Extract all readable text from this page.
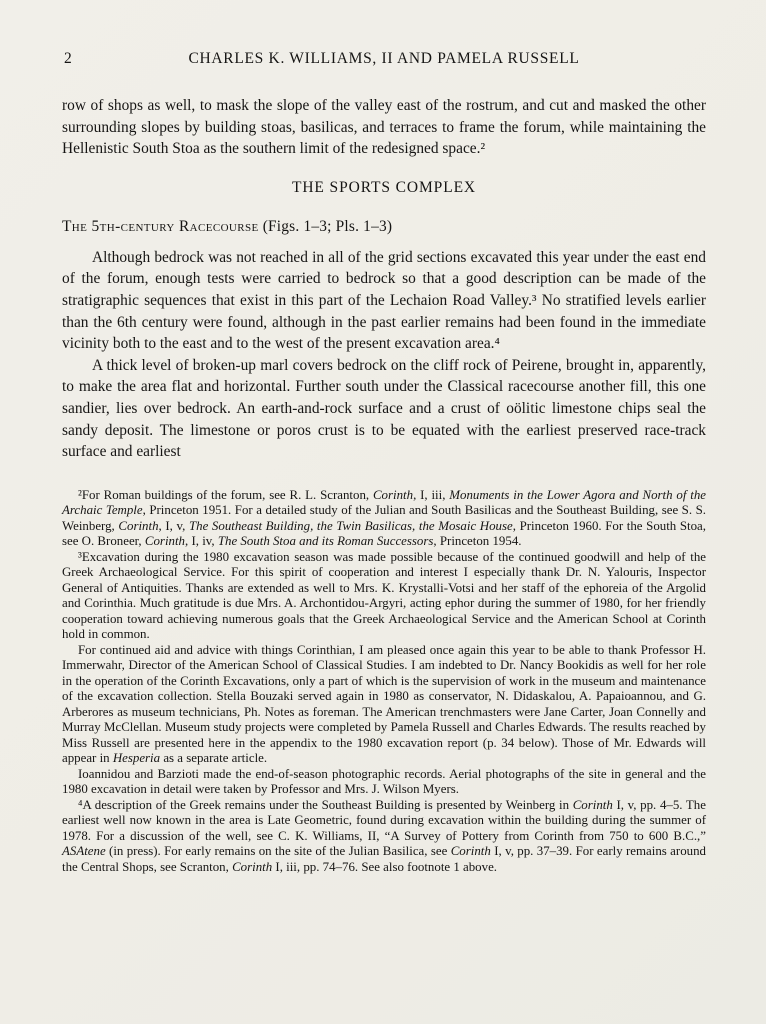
2	CHARLES K. WILLIAMS, II AND PAMELA RUSSELL

row of shops as well, to mask the slope of the valley east of the rostrum, and cut and masked the other surrounding slopes by building stoas, basilicas, and terraces to frame the forum, while maintaining the Hellenistic South Stoa as the southern limit of the redesigned space.²

THE SPORTS COMPLEX
The 5th-century Racecourse (Figs. 1–3; Pls. 1–3)

Although bedrock was not reached in all of the grid sections excavated this year under the east end of the forum, enough tests were carried to bedrock so that a good description can be made of the stratigraphic sequences that exist in this part of the Lechaion Road Valley.³ No stratified levels earlier than the 6th century were found, although in the past earlier remains had been found in the immediate vicinity both to the east and to the west of the present excavation area.⁴

A thick level of broken-up marl covers bedrock on the cliff rock of Peirene, brought in, apparently, to make the area flat and horizontal. Further south under the Classical racecourse another fill, this one sandier, lies over bedrock. An earth-and-rock surface and a crust of oölitic limestone chips seal the sandy deposit. The limestone or poros crust is to be equated with the earliest preserved race-track surface and earliest

²For Roman buildings of the forum, see R. L. Scranton, Corinth, I, iii, Monuments in the Lower Agora and North of the Archaic Temple, Princeton 1951. For a detailed study of the Julian and South Basilicas and the Southeast Building, see S. S. Weinberg, Corinth, I, v, The Southeast Building, the Twin Basilicas, the Mosaic House, Princeton 1960. For the South Stoa, see O. Broneer, Corinth, I, iv, The South Stoa and its Roman Successors, Princeton 1954.

³Excavation during the 1980 excavation season was made possible because of the continued goodwill and help of the Greek Archaeological Service. For this spirit of cooperation and interest I especially thank Dr. N. Yalouris, Inspector General of Antiquities. Thanks are extended as well to Mrs. K. Krystalli-Votsi and her staff of the ephoreia of the Argolid and Corinthia. Much gratitude is due Mrs. A. Archontidou-Argyri, acting ephor during the summer of 1980, for her friendly cooperation toward achieving numerous goals that the Greek Archaeological Service and the American School at Corinth hold in common.

For continued aid and advice with things Corinthian, I am pleased once again this year to be able to thank Professor H. Immerwahr, Director of the American School of Classical Studies. I am indebted to Dr. Nancy Bookidis as well for her role in the operation of the Corinth Excavations, only a part of which is the supervision of work in the museum and maintenance of the excavation collection. Stella Bouzaki served again in 1980 as conservator, N. Didaskalou, A. Papaioannou, and G. Arberores as museum technicians, Ph. Notes as foreman. The American trenchmasters were Jane Carter, Joan Connelly and Murray McClellan. Museum study projects were completed by Pamela Russell and Charles Edwards. The results reached by Miss Russell are presented here in the appendix to the 1980 excavation report (p. 34 below). Those of Mr. Edwards will appear in Hesperia as a separate article.

Ioannidou and Barzioti made the end-of-season photographic records. Aerial photographs of the site in general and the 1980 excavation in detail were taken by Professor and Mrs. J. Wilson Myers.

⁴A description of the Greek remains under the Southeast Building is presented by Weinberg in Corinth I, v, pp. 4–5. The earliest well now known in the area is Late Geometric, found during excavation within the building during the summer of 1978. For a discussion of the well, see C. K. Williams, II, “A Survey of Pottery from Corinth from 750 to 600 B.C.,” ASAtene (in press). For early remains on the site of the Julian Basilica, see Corinth I, v, pp. 37–39. For early remains around the Central Shops, see Scranton, Corinth I, iii, pp. 74–76. See also footnote 1 above.
